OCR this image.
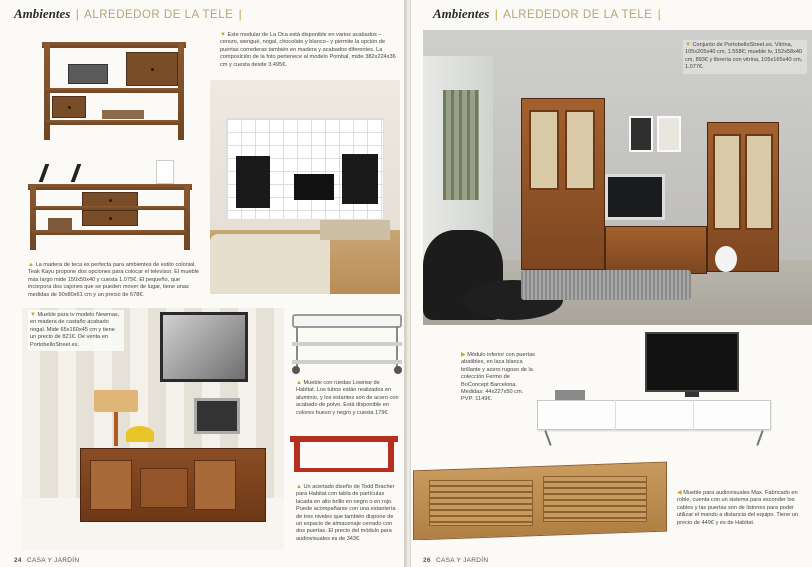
Ambientes | ALREDEDOR DE LA TELE |
▼ Este modular de La Oca está disponible en varios acabados –cerezo, wengué, nogal, chocolate y blanco– y permite la opción de puertas correderas también en madera y acabados diferentes. La composición de la foto pertenece al modelo Pombal, mide 382x224x36 cm y cuesta desde 3.495€.
▲ La madera de teca es perfecta para ambientes de estilo colonial. Teak Kayu propone dos opciones para colocar el televisor. El mueble más largo mide 150x50x40 y cuesta 1.075€. El pequeño, que incorpora dos cajones que se pueden mover de lugar, tiene unas medidas de 90x80x61 cm y un precio de 678€.
▼ Mueble para tv modelo Newmas, en madera de castaño acabado nogal. Mide 65x160x45 cm y tiene un precio de 821€. De venta en PortobelloStreet.es.
▲ Mueble con ruedas Lowrise de Habitat. Los tubos están realizados en aluminio, y los estantes son de acero con acabado de polvo. Está disponible en colores hueso y negro y cuesta 179€.
▲ Un acertado diseño de Todd Bracher para Habitat con tabla de partículas lacada en alto brillo en negro o en rojo. Puede acompañarse con una estantería de tres niveles que también dispone de un espacio de almacenaje cerrado con dos puertas. El precio del módulo para audiovisuales es de 343€.
24 CASA Y JARDÍN
Ambientes | ALREDEDOR DE LA TELE |
▼ Conjunto de PortobelloStreet.es. Vitrina, 105x205x40 cm, 1.558€; mueble tv, 152x58x40 cm, 893€ y librería con vitrina, 105x165x40 cm, 1.077€.
▶ Módulo inferior con puertas abatibles, en laca blanca brillante y acero rugoso de la colección Fermo de BoConcept Barcelona. Medidas: 44x227x50 cm. PVP: 1149€.
◀ Mueble para audiovisuales Max. Fabricado en roble, cuenta con un sistema para esconder los cables y las puertas son de listones para poder utilizar el mando a distancia del equipo. Tiene un precio de 449€ y es de Habitat.
26 CASA Y JARDÍN
